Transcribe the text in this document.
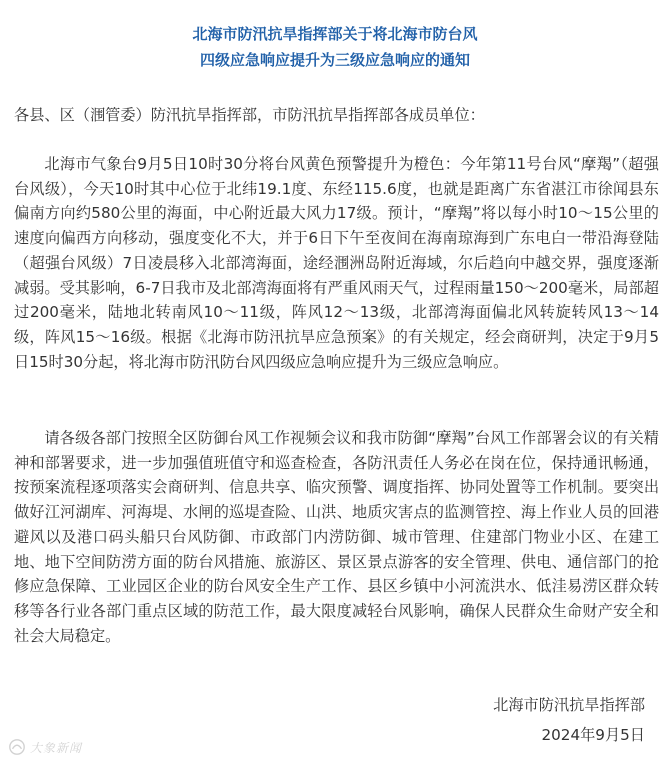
北海市防汛抗旱指挥部关于将北海市防台风
四级应急响应提升为三级应急响应的通知
各县、区（涠管委）防汛抗旱指挥部，市防汛抗旱指挥部各成员单位：

北海市气象台9月5日10时30分将台风黄色预警提升为橙色：今年第11号台风“摩羯”（超强台风级），今天10时其中心位于北纬19.1度、东经115.6度，也就是距离广东省湛江市徐闻县东偏南方向约580公里的海面，中心附近最大风力17级。预计，“摩羯”将以每小时10～15公里的速度向偏西方向移动，强度变化不大，并于6日下午至夜间在海南琼海到广东电白一带沿海登陆（超强台风级）7日凌晨移入北部湾海面，途经涠洲岛附近海域，尔后趋向中越交界，强度逐渐减弱。受其影响，6-7日我市及北部湾海面将有严重风雨天气，过程雨量150～200毫米，局部超过200毫米，陆地北转南风10～11级，阵风12～13级，北部湾海面偏北风转旋转风13～14级，阵风15～16级。根据《北海市防汛抗旱应急预案》的有关规定，经会商研判，决定于9月5日15时30分起，将北海市防汛防台风四级应急响应提升为三级应急响应。

请各级各部门按照全区防御台风工作视频会议和我市防御“摩羯”台风工作部署会议的有关精神和部署要求，进一步加强值班值守和巡查检查，各防汛责任人务必在岗在位，保持通讯畅通，按预案流程逐项落实会商研判、信息共享、临灾预警、调度指挥、协同处置等工作机制。要突出做好江河湖库、河海堤、水闸的巡堤查险、山洪、地质灾害点的监测管控、海上作业人员的回港避风以及港口码头船只台风防御、市政部门内涝防御、城市管理、住建部门物业小区、在建工地、地下空间防涝方面的防台风措施、旅游区、景区景点游客的安全管理、供电、通信部门的抢修应急保障、工业园区企业的防台风安全生产工作、县区乡镇中小河流洪水、低洼易涝区群众转移等各行业各部门重点区域的防范工作，最大限度减轻台风影响，确保人民群众生命财产安全和社会大局稳定。

北海市防汛抗旱指挥部
2024年9月5日
大象新闻
